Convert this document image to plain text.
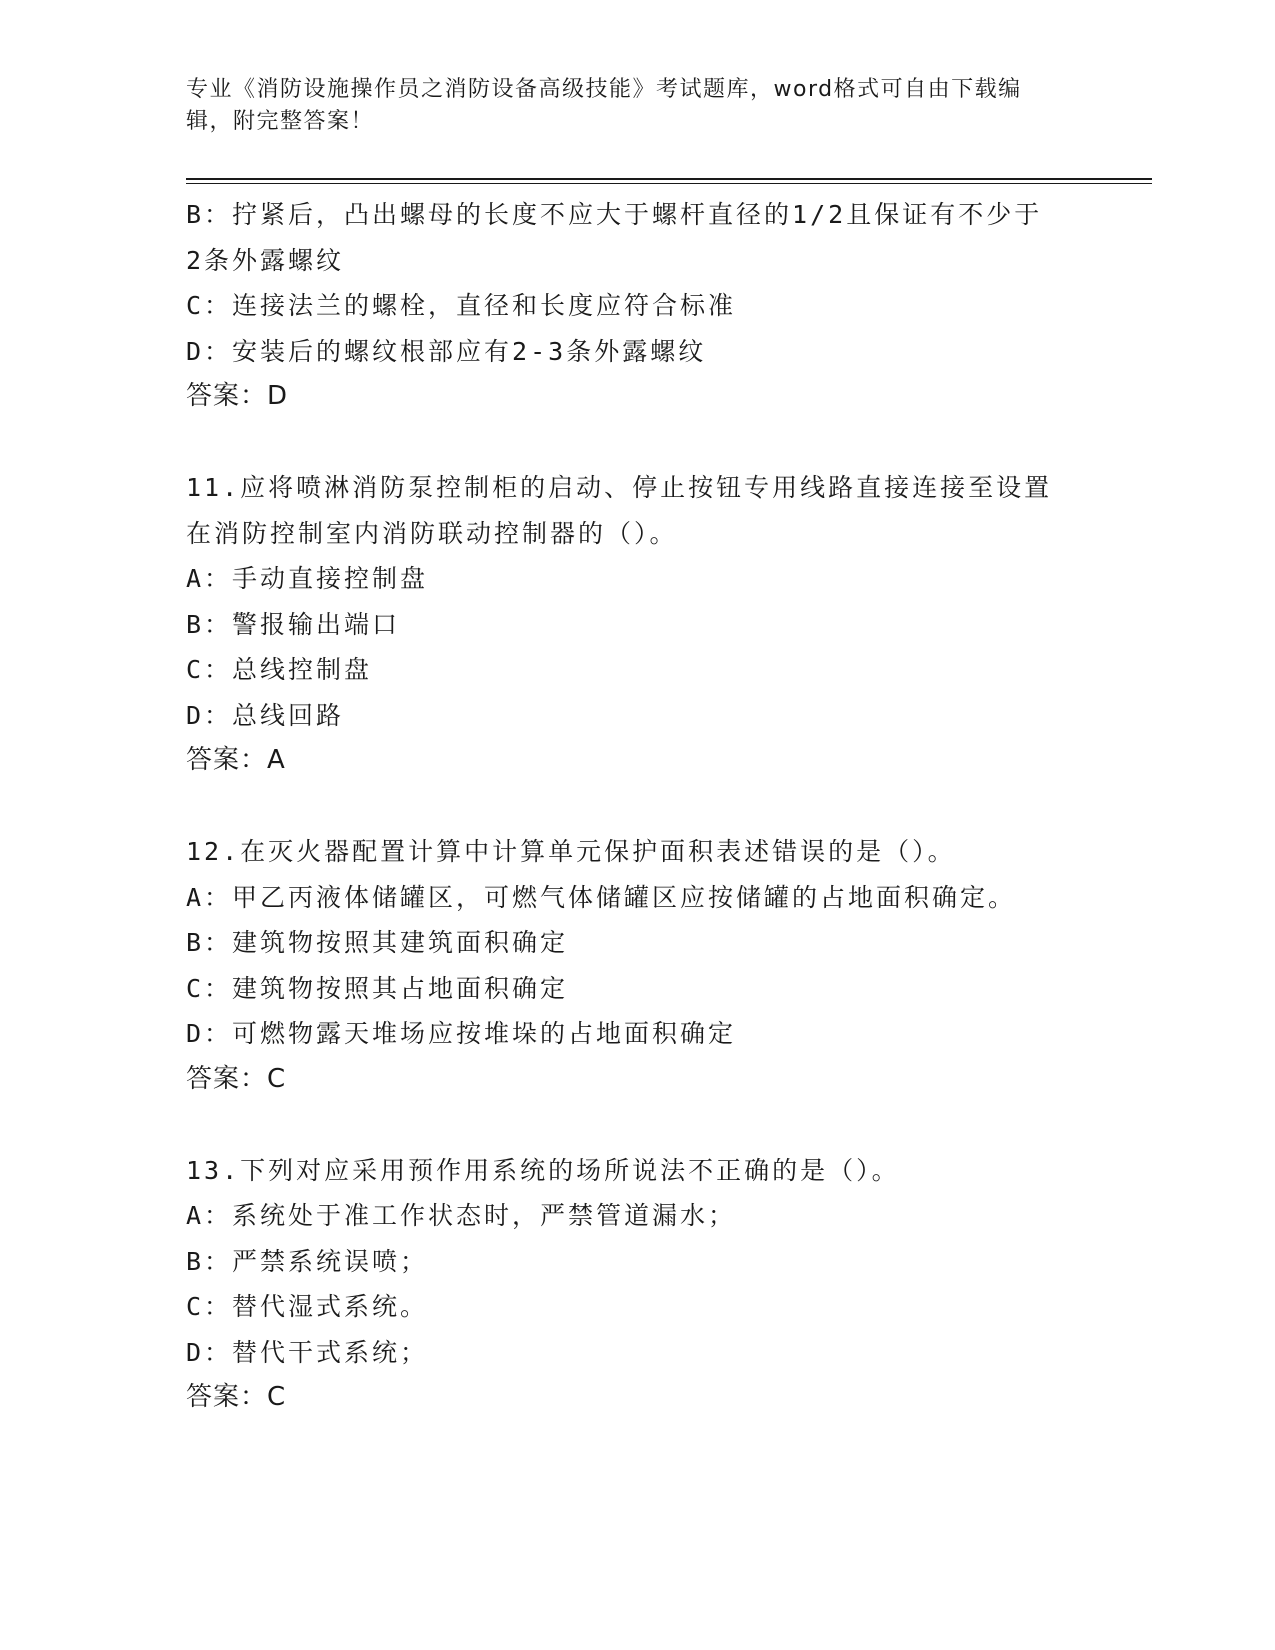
专业《消防设施操作员之消防设备高级技能》考试题库，word格式可自由下载编
辑，附完整答案！
B：拧紧后，凸出螺母的长度不应大于螺杆直径的1/2且保证有不少于
2条外露螺纹
C：连接法兰的螺栓，直径和长度应符合标准
D：安装后的螺纹根部应有2-3条外露螺纹
答案：D
11.应将喷淋消防泵控制柜的启动、停止按钮专用线路直接连接至设置
在消防控制室内消防联动控制器的（）。
A：手动直接控制盘
B：警报输出端口
C：总线控制盘
D：总线回路
答案：A
12.在灭火器配置计算中计算单元保护面积表述错误的是（）。
A：甲乙丙液体储罐区，可燃气体储罐区应按储罐的占地面积确定。
B：建筑物按照其建筑面积确定
C：建筑物按照其占地面积确定
D：可燃物露天堆场应按堆垛的占地面积确定
答案：C
13.下列对应采用预作用系统的场所说法不正确的是（）。
A：系统处于准工作状态时，严禁管道漏水；
B：严禁系统误喷；
C：替代湿式系统。
D：替代干式系统；
答案：C
